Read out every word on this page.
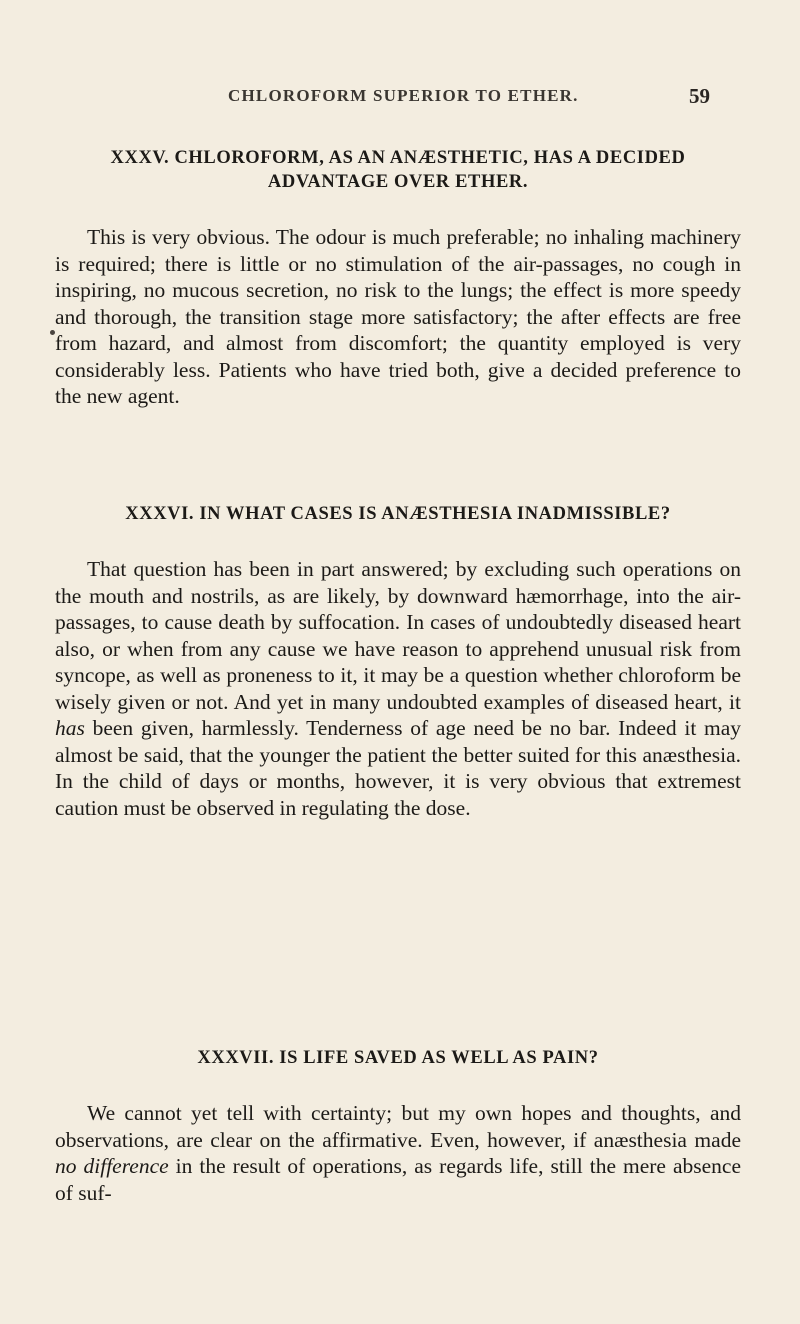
CHLOROFORM SUPERIOR TO ETHER.	59

XXXV. CHLOROFORM, AS AN ANÆSTHETIC, HAS A DECIDED

ADVANTAGE OVER ETHER.

This is very obvious. The odour is much preferable; no inhaling machinery is required; there is little or no stimulation of the air-passages, no cough in inspiring, no mucous secretion, no risk to the lungs; the effect is more speedy and thorough, the transition stage more satisfactory; the after effects are free from hazard, and almost from discomfort; the quantity employed is very considerably less. Patients who have tried both, give a decided preference to the new agent.

XXXVI. IN WHAT CASES IS ANÆSTHESIA INADMISSIBLE?

That question has been in part answered; by excluding such operations on the mouth and nostrils, as are likely, by downward hæmorrhage, into the air-passages, to cause death by suffocation. In cases of undoubtedly diseased heart also, or when from any cause we have reason to apprehend unusual risk from syncope, as well as proneness to it, it may be a question whether chloroform be wisely given or not. And yet in many undoubted examples of diseased heart, it has been given, harmlessly. Tenderness of age need be no bar. Indeed it may almost be said, that the younger the patient the better suited for this anæsthesia. In the child of days or months, however, it is very obvious that extremest caution must be observed in regulating the dose.

XXXVII. IS LIFE SAVED AS WELL AS PAIN?

We cannot yet tell with certainty; but my own hopes and thoughts, and observations, are clear on the affirmative. Even, however, if anæsthesia made no difference in the result of operations, as regards life, still the mere absence of suf-
